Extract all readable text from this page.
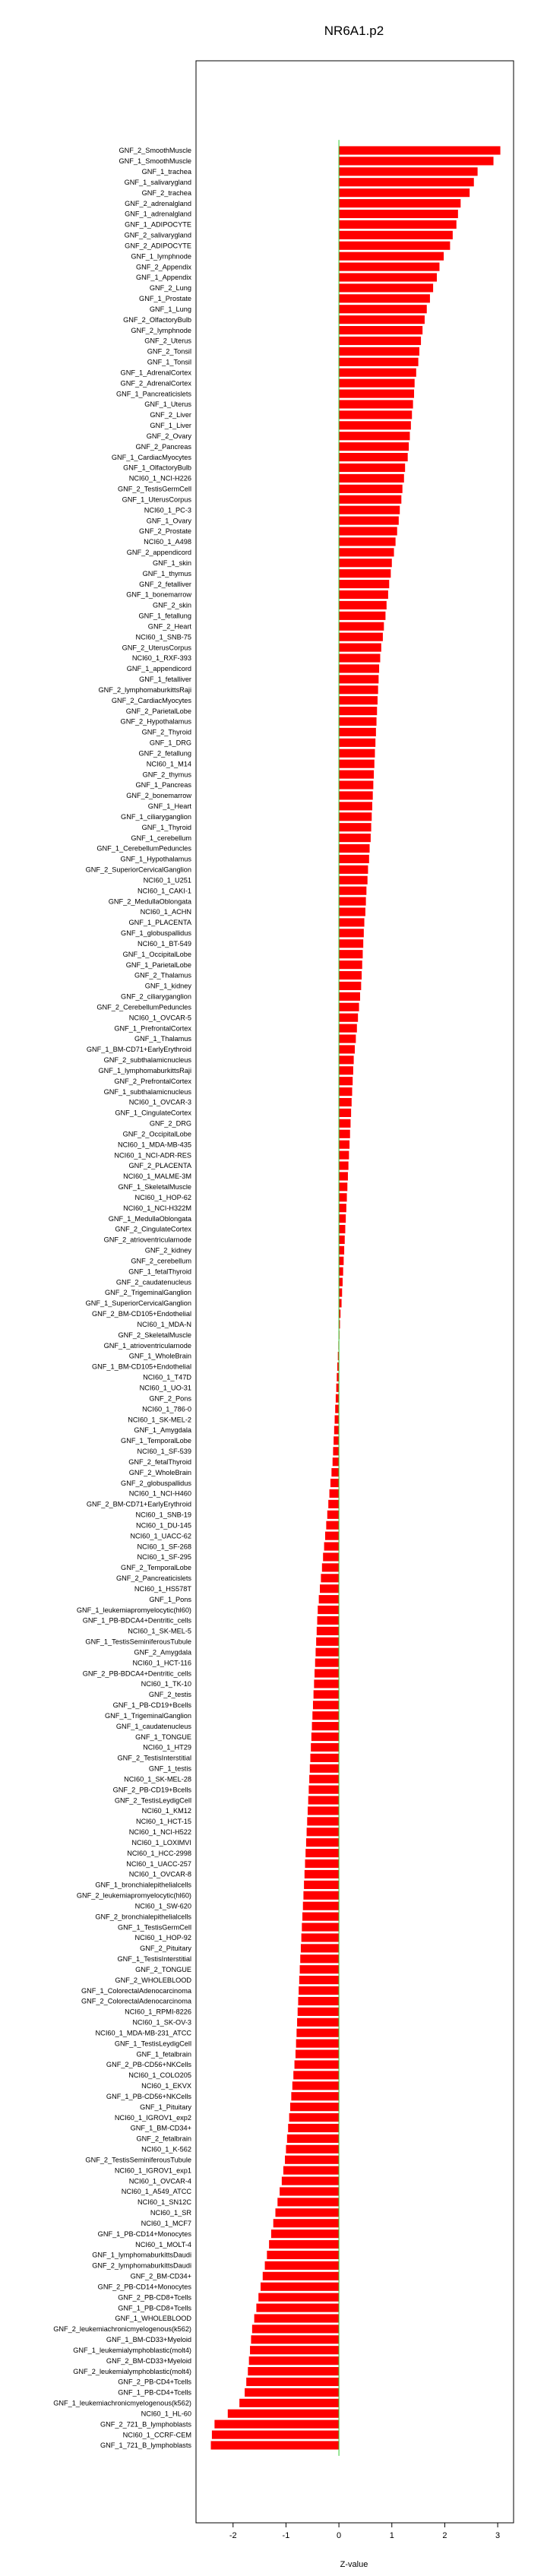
NR6A1.p2
GNF_2_SmoothMuscle
GNF_1_SmoothMuscle
GNF_1_trachea
GNF_1_salivarygland
GNF_2_trachea
GNF_2_adrenalgland
GNF_1_adrenalgland
GNF_1_ADIPOCYTE
GNF_2_salivarygland
GNF_2_ADIPOCYTE
GNF_1_lymphnode
GNF_2_Appendix
GNF_1_Appendix
GNF_2_Lung
GNF_1_Prostate
GNF_1_Lung
GNF_2_OlfactoryBulb
GNF_2_lymphnode
GNF_2_Uterus
GNF_2_Tonsil
GNF_1_Tonsil
GNF_1_AdrenalCortex
GNF_2_AdrenalCortex
GNF_1_Pancreaticislets
GNF_1_Uterus
GNF_2_Liver
GNF_1_Liver
GNF_2_Ovary
GNF_2_Pancreas
GNF_1_CardiacMyocytes
GNF_1_OlfactoryBulb
NCI60_1_NCI-H226
GNF_2_TestisGermCell
GNF_1_UterusCorpus
NCI60_1_PC-3
GNF_1_Ovary
GNF_2_Prostate
NCI60_1_A498
GNF_2_appendicord
GNF_1_skin
GNF_1_thymus
GNF_2_fetalliver
GNF_1_bonemarrow
GNF_2_skin
GNF_1_fetallung
GNF_2_Heart
NCI60_1_SNB-75
GNF_2_UterusCorpus
NCI60_1_RXF-393
GNF_1_appendicord
GNF_1_fetalliver
GNF_2_lymphomaburkittsRaji
GNF_2_CardiacMyocytes
GNF_2_ParietalLobe
GNF_2_Hypothalamus
GNF_2_Thyroid
GNF_1_DRG
GNF_2_fetallung
NCI60_1_M14
GNF_2_thymus
GNF_1_Pancreas
GNF_2_bonemarrow
GNF_1_Heart
GNF_1_ciliaryganglion
GNF_1_Thyroid
GNF_1_cerebellum
GNF_1_CerebellumPeduncles
GNF_1_Hypothalamus
GNF_2_SuperiorCervicalGanglion
NCI60_1_U251
NCI60_1_CAKI-1
GNF_2_MedullaOblongata
NCI60_1_ACHN
GNF_1_PLACENTA
GNF_1_globuspallidus
NCI60_1_BT-549
GNF_1_OccipitalLobe
GNF_1_ParietalLobe
GNF_2_Thalamus
GNF_1_kidney
GNF_2_ciliaryganglion
GNF_2_CerebellumPeduncles
NCI60_1_OVCAR-5
GNF_1_PrefrontalCortex
GNF_1_Thalamus
GNF_1_BM-CD71+EarlyErythroid
GNF_2_subthalamicnucleus
GNF_1_lymphomaburkittsRaji
GNF_2_PrefrontalCortex
GNF_1_subthalamicnucleus
NCI60_1_OVCAR-3
GNF_1_CingulateCortex
GNF_2_DRG
GNF_2_OccipitalLobe
NCI60_1_MDA-MB-435
NCI60_1_NCI-ADR-RES
GNF_2_PLACENTA
NCI60_1_MALME-3M
GNF_1_SkeletalMuscle
NCI60_1_HOP-62
NCI60_1_NCI-H322M
GNF_1_MedullaOblongata
GNF_2_CingulateCortex
GNF_2_atrioventricularnode
GNF_2_kidney
GNF_2_cerebellum
GNF_1_fetalThyroid
GNF_2_caudatenucleus
GNF_2_TrigeminalGanglion
GNF_1_SuperiorCervicalGanglion
GNF_2_BM-CD105+Endothelial
NCI60_1_MDA-N
GNF_2_SkeletalMuscle
GNF_1_atrioventricularnode
GNF_1_WholeBrain
GNF_1_BM-CD105+Endothelial
NCI60_1_T47D
NCI60_1_UO-31
GNF_2_Pons
NCI60_1_786-0
NCI60_1_SK-MEL-2
GNF_1_Amygdala
GNF_1_TemporalLobe
NCI60_1_SF-539
GNF_2_fetalThyroid
GNF_2_WholeBrain
GNF_2_globuspallidus
NCI60_1_NCI-H460
GNF_2_BM-CD71+EarlyErythroid
NCI60_1_SNB-19
NCI60_1_DU-145
NCI60_1_UACC-62
NCI60_1_SF-268
NCI60_1_SF-295
GNF_2_TemporalLobe
GNF_2_Pancreaticislets
NCI60_1_HS578T
GNF_1_Pons
GNF_1_leukemiapromyelocytic(hl60)
GNF_1_PB-BDCA4+Dentritic_cells
NCI60_1_SK-MEL-5
GNF_1_TestisSeminiferousTubule
GNF_2_Amygdala
NCI60_1_HCT-116
GNF_2_PB-BDCA4+Dentritic_cells
NCI60_1_TK-10
GNF_2_testis
GNF_1_PB-CD19+Bcells
GNF_1_TrigeminalGanglion
GNF_1_caudatenucleus
GNF_1_TONGUE
NCI60_1_HT29
GNF_2_TestisInterstitial
GNF_1_testis
NCI60_1_SK-MEL-28
GNF_2_PB-CD19+Bcells
GNF_2_TestisLeydigCell
NCI60_1_KM12
NCI60_1_HCT-15
NCI60_1_NCI-H522
NCI60_1_LOXIMVI
NCI60_1_HCC-2998
NCI60_1_UACC-257
NCI60_1_OVCAR-8
GNF_1_bronchialepithelialcells
GNF_2_leukemiapromyelocytic(hl60)
NCI60_1_SW-620
GNF_2_bronchialepithelialcells
GNF_1_TestisGermCell
NCI60_1_HOP-92
GNF_2_Pituitary
GNF_1_TestisInterstitial
GNF_2_TONGUE
GNF_2_WHOLEBLOOD
GNF_1_ColorectalAdenocarcinoma
GNF_2_ColorectalAdenocarcinoma
NCI60_1_RPMI-8226
NCI60_1_SK-OV-3
NCI60_1_MDA-MB-231_ATCC
GNF_1_TestisLeydigCell
GNF_1_fetalbrain
GNF_2_PB-CD56+NKCells
NCI60_1_COLO205
NCI60_1_EKVX
GNF_1_PB-CD56+NKCells
GNF_1_Pituitary
NCI60_1_IGROV1_exp2
GNF_1_BM-CD34+
GNF_2_fetalbrain
NCI60_1_K-562
GNF_2_TestisSeminiferousTubule
NCI60_1_IGROV1_exp1
NCI60_1_OVCAR-4
NCI60_1_A549_ATCC
NCI60_1_SN12C
NCI60_1_SR
NCI60_1_MCF7
GNF_1_PB-CD14+Monocytes
NCI60_1_MOLT-4
GNF_1_lymphomaburkittsDaudi
GNF_2_lymphomaburkittsDaudi
GNF_2_BM-CD34+
GNF_2_PB-CD14+Monocytes
GNF_2_PB-CD8+Tcells
GNF_1_PB-CD8+Tcells
GNF_1_WHOLEBLOOD
GNF_2_leukemiachronicmyelogenous(k562)
GNF_1_BM-CD33+Myeloid
GNF_1_leukemialymphoblastic(molt4)
GNF_2_BM-CD33+Myeloid
GNF_2_leukemialymphoblastic(molt4)
GNF_2_PB-CD4+Tcells
GNF_1_PB-CD4+Tcells
GNF_1_leukemiachronicmyelogenous(k562)
NCI60_1_HL-60
GNF_2_721_B_lymphoblasts
NCI60_1_CCRF-CEM
GNF_1_721_B_lymphoblasts
-2	-1	0	1	2	3
Z-value
